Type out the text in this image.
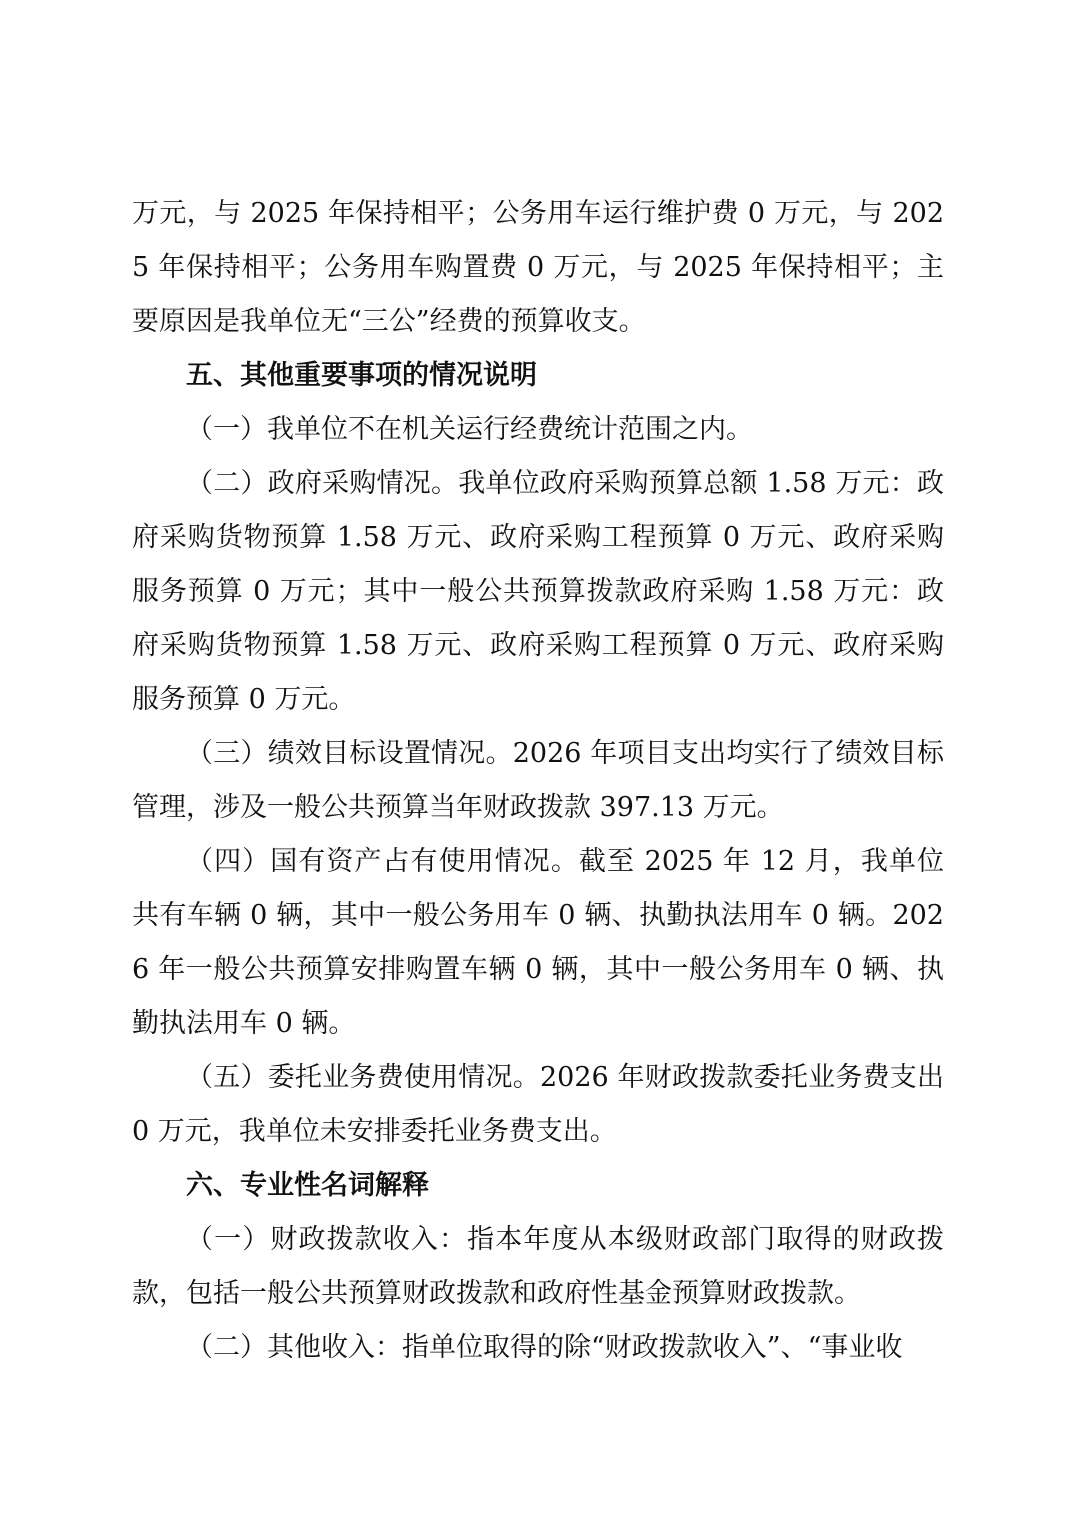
万元，与 2025 年保持相平；公务用车运行维护费 0 万元，与 2025 年保持相平；公务用车购置费 0 万元，与 2025 年保持相平；主要原因是我单位无“三公”经费的预算收支。

五、其他重要事项的情况说明

（一）我单位不在机关运行经费统计范围之内。

（二）政府采购情况。我单位政府采购预算总额 1.58 万元：政府采购货物预算 1.58 万元、政府采购工程预算 0 万元、政府采购服务预算 0 万元；其中一般公共预算拨款政府采购 1.58 万元：政府采购货物预算 1.58 万元、政府采购工程预算 0 万元、政府采购服务预算 0 万元。

（三）绩效目标设置情况。2026 年项目支出均实行了绩效目标管理，涉及一般公共预算当年财政拨款 397.13 万元。

（四）国有资产占有使用情况。截至 2025 年 12 月，我单位共有车辆 0 辆，其中一般公务用车 0 辆、执勤执法用车 0 辆。2026 年一般公共预算安排购置车辆 0 辆，其中一般公务用车 0 辆、执勤执法用车 0 辆。

（五）委托业务费使用情况。2026 年财政拨款委托业务费支出 0 万元，我单位未安排委托业务费支出。

六、专业性名词解释

（一）财政拨款收入：指本年度从本级财政部门取得的财政拨款，包括一般公共预算财政拨款和政府性基金预算财政拨款。

（二）其他收入：指单位取得的除“财政拨款收入”、“事业收
